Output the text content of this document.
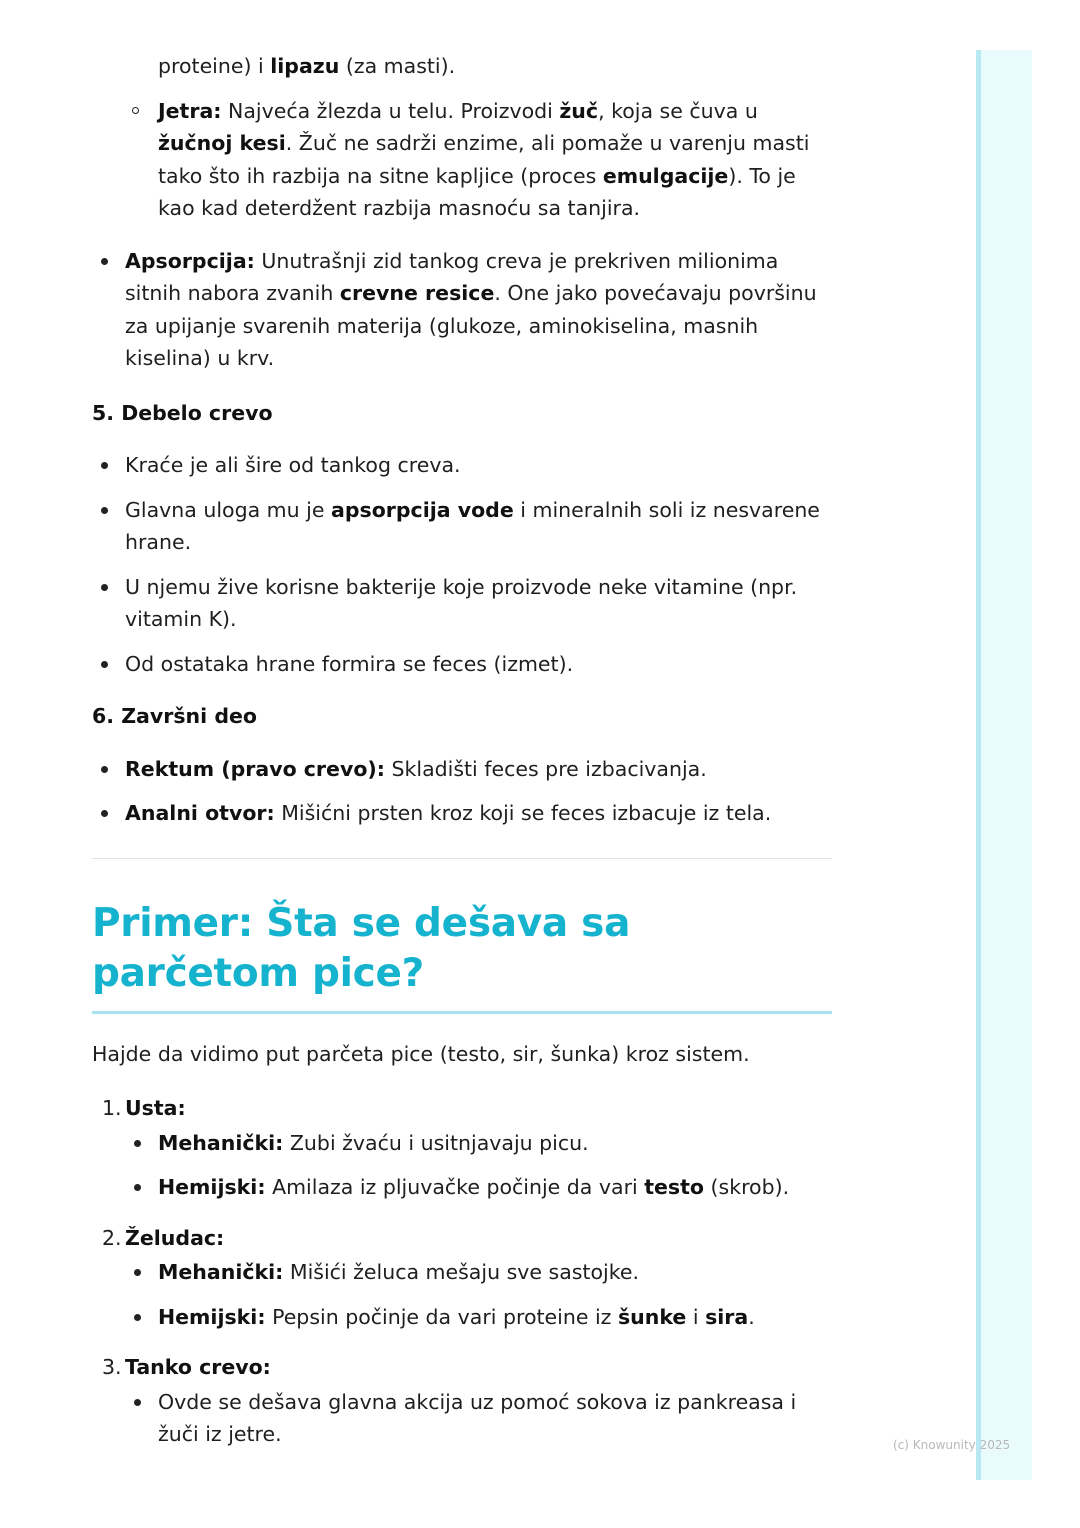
proteine) i lipazu (za masti).

Jetra: Najveća žlezda u telu. Proizvodi žuč, koja se čuva u žučnoj kesi. Žuč ne sadrži enzime, ali pomaže u varenju masti tako što ih razbija na sitne kapljice (proces emulgacije). To je kao kad deterdžent razbija masnoću sa tanjira.

Apsorpcija: Unutrašnji zid tankog creva je prekriven milionima sitnih nabora zvanih crevne resice. One jako povećavaju površinu za upijanje svarenih materija (glukoze, aminokiselina, masnih kiselina) u krv.

5. Debelo crevo

Kraće je ali šire od tankog creva.

Glavna uloga mu je apsorpcija vode i mineralnih soli iz nesvarene hrane.

U njemu žive korisne bakterije koje proizvode neke vitamine (npr. vitamin K).

Od ostataka hrane formira se feces (izmet).

6. Završni deo

Rektum (pravo crevo): Skladišti feces pre izbacivanja.

Analni otvor: Mišićni prsten kroz koji se feces izbacuje iz tela.

Primer: Šta se dešava sa parčetom pice?

Hajde da vidimo put parčeta pice (testo, sir, šunka) kroz sistem.

1. Usta:

Mehanički: Zubi žvaću i usitnjavaju picu.

Hemijski: Amilaza iz pljuvačke počinje da vari testo (skrob).

2. Želudac:

Mehanički: Mišići želuca mešaju sve sastojke.

Hemijski: Pepsin počinje da vari proteine iz šunke i sira.

3. Tanko crevo:

Ovde se dešava glavna akcija uz pomoć sokova iz pankreasa i žuči iz jetre.	(c) Knowunity 2025
